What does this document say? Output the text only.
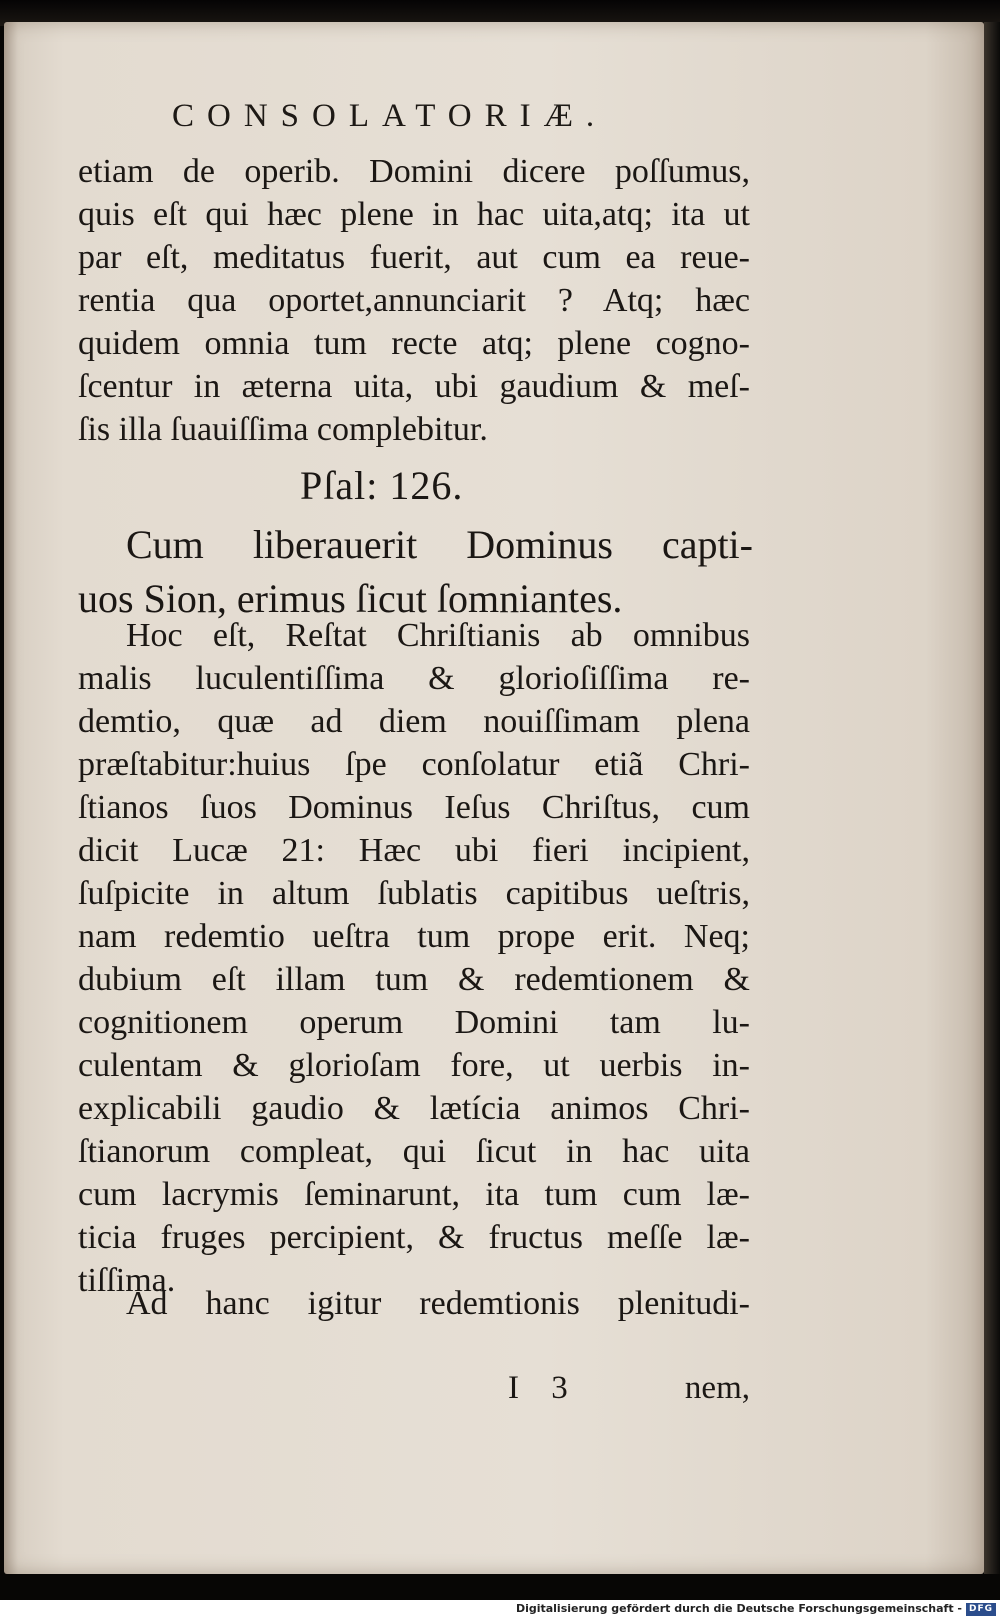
CONSOLATORIÆ.
etiam de operib. Domini dicere poſſumus,
quis eſt qui hæc plene in hac uita,atq; ita ut
par eſt, meditatus fuerit, aut cum ea reue-
rentia qua oportet,annunciarit ? Atq; hæc
quidem omnia tum recte atq; plene cogno-
ſcentur in æterna uita, ubi gaudium & meſ-
ſis illa ſuauiſſima complebitur.
Pſal: 126.
Cum liberauerit Dominus capti-
uos Sion, erimus ſicut ſomniantes.
Hoc eſt, Reſtat Chriſtianis ab omnibus
malis luculentiſſima & glorioſiſſima re-
demtio, quæ ad diem nouiſſimam plena
præſtabitur:huius ſpe conſolatur etiã Chri-
ſtianos ſuos Dominus Ieſus Chriſtus, cum
dicit Lucæ 21: Hæc ubi fieri incipient,
ſuſpicite in altum ſublatis capitibus ueſtris,
nam redemtio ueſtra tum prope erit. Neq;
dubium eſt illam tum & redemtionem &
cognitionem operum Domini tam lu-
culentam & glorioſam fore, ut uerbis in-
explicabili gaudio & lætícia animos Chri-
ſtianorum compleat, qui ſicut in hac uita
cum lacrymis ſeminarunt, ita tum cum læ-
ticia fruges percipient, & fructus meſſe læ-
tiſſima.
Ad hanc igitur redemtionis plenitudi-
I 3	nem,
Digitalisierung gefördert durch die Deutsche Forschungsgemeinschaft - DFG
